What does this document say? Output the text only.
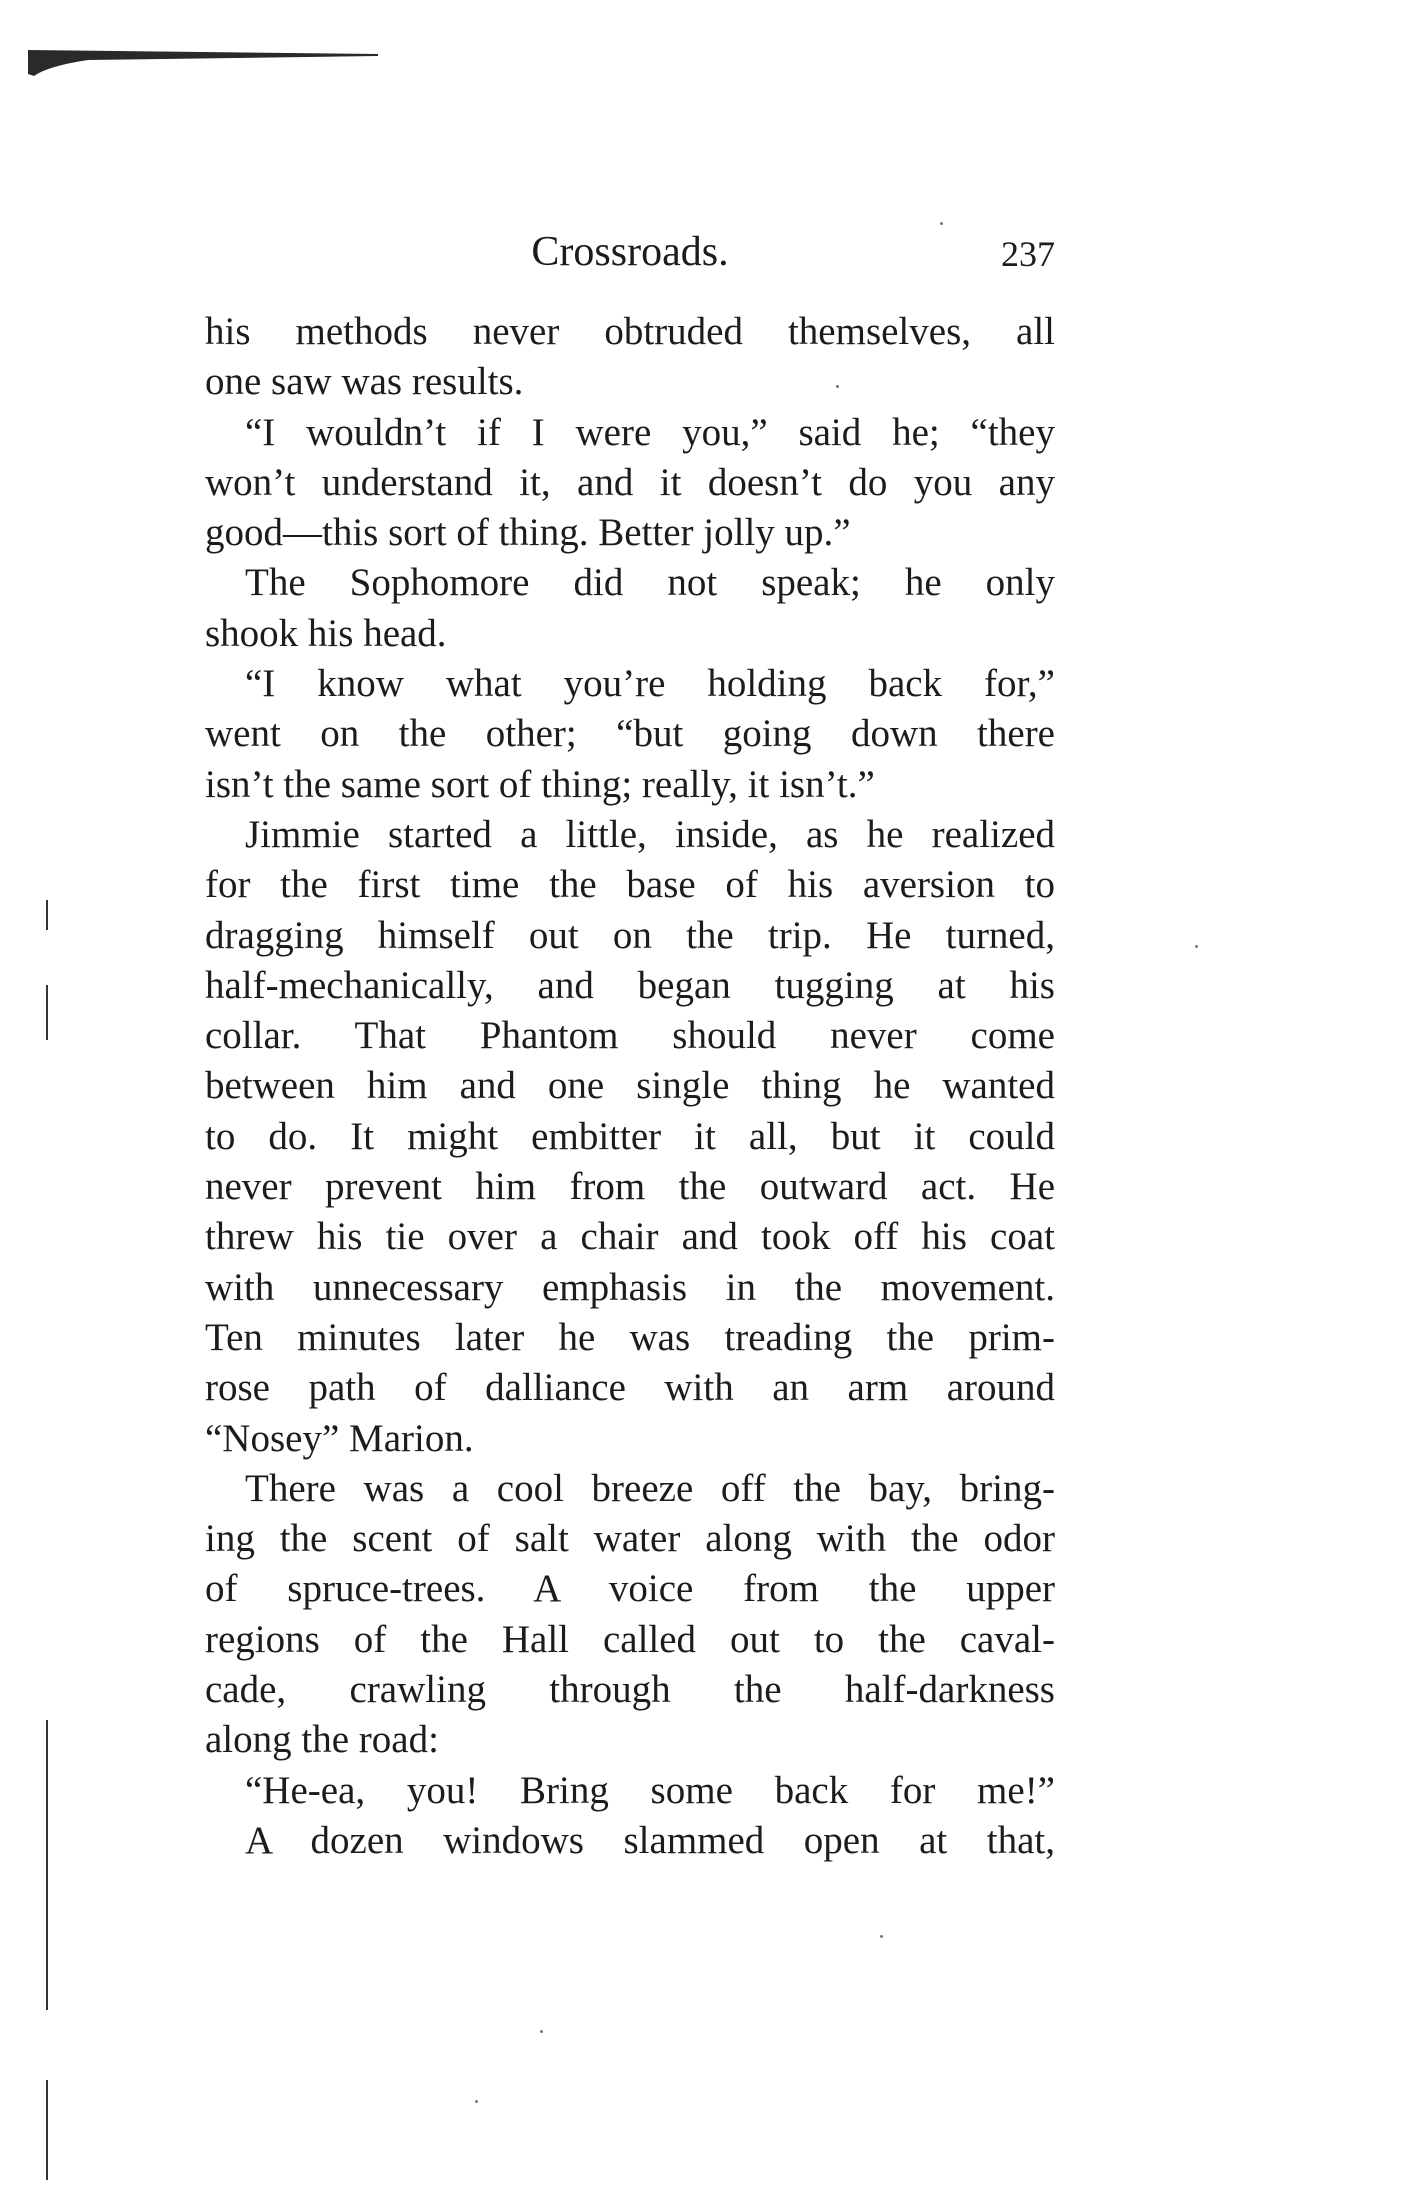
Crossroads.	237
his methods never obtruded themselves, all
one saw was results.
“I wouldn’t if I were you,” said he; “they
won’t understand it, and it doesn’t do you any
good—this sort of thing. Better jolly up.”
The Sophomore did not speak; he only
shook his head.
“I know what you’re holding back for,”
went on the other; “but going down there
isn’t the same sort of thing; really, it isn’t.”
Jimmie started a little, inside, as he realized
for the first time the base of his aversion to
dragging himself out on the trip. He turned,
half-mechanically, and began tugging at his
collar. That Phantom should never come
between him and one single thing he wanted
to do. It might embitter it all, but it could
never prevent him from the outward act. He
threw his tie over a chair and took off his coat
with unnecessary emphasis in the movement.
Ten minutes later he was treading the prim-
rose path of dalliance with an arm around
“Nosey” Marion.
There was a cool breeze off the bay, bring-
ing the scent of salt water along with the odor
of spruce-trees. A voice from the upper
regions of the Hall called out to the caval-
cade, crawling through the half-darkness
along the road:
“He-ea, you! Bring some back for me!”
A dozen windows slammed open at that,
